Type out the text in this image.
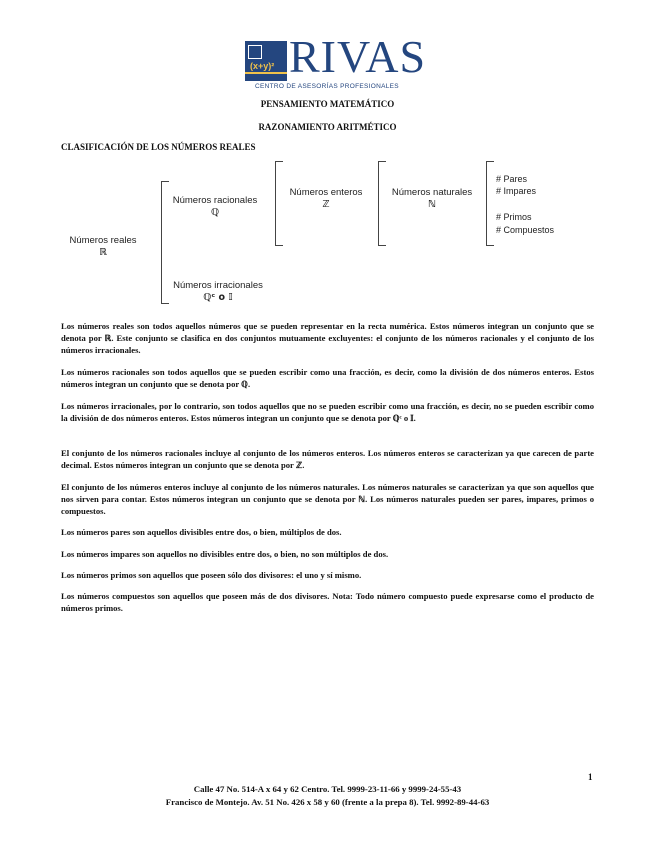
(x+y)² RIVAS
CENTRO DE ASESORÍAS PROFESIONALES
PENSAMIENTO MATEMÁTICO
RAZONAMIENTO ARITMÉTICO
CLASIFICACIÓN DE LOS NÚMEROS REALES
Números reales
ℝ
Números racionales
ℚ
Números irracionales
ℚᶜ o 𝕀
Números enteros
ℤ
Números naturales
ℕ
# Pares
# Impares
# Primos
# Compuestos

Los números reales son todos aquellos números que se pueden representar en la recta numérica. Estos números integran un conjunto que se denota por ℝ. Este conjunto se clasifica en dos conjuntos mutuamente excluyentes: el conjunto de los números racionales y el conjunto de los números irracionales.

Los números racionales son todos aquellos que se pueden escribir como una fracción, es decir, como la división de dos números enteros. Estos números integran un conjunto que se denota por ℚ.

Los números irracionales, por lo contrario, son todos aquellos que no se pueden escribir como una fracción, es decir, no se pueden escribir como la división de dos números enteros. Estos números integran un conjunto que se denota por ℚᶜ o 𝕀.

El conjunto de los números racionales incluye al conjunto de los números enteros. Los números enteros se caracterizan ya que carecen de parte decimal. Estos números integran un conjunto que se denota por ℤ.

El conjunto de los números enteros incluye al conjunto de los números naturales. Los números naturales se caracterizan ya que son aquellos que nos sirven para contar. Estos números integran un conjunto que se denota por ℕ. Los números naturales pueden ser pares, impares, primos o compuestos.

Los números pares son aquellos divisibles entre dos, o bien, múltiplos de dos.

Los números impares son aquellos no divisibles entre dos, o bien, no son múltiplos de dos.

Los números primos son aquellos que poseen sólo dos divisores: el uno y sí mismo.

Los números compuestos son aquellos que poseen más de dos divisores. Nota: Todo número compuesto puede expresarse como el producto de números primos.

1
Calle 47 No. 514-A x 64 y 62 Centro. Tel. 9999-23-11-66 y 9999-24-55-43
Francisco de Montejo. Av. 51 No. 426 x 58 y 60 (frente a la prepa 8). Tel. 9992-89-44-63
